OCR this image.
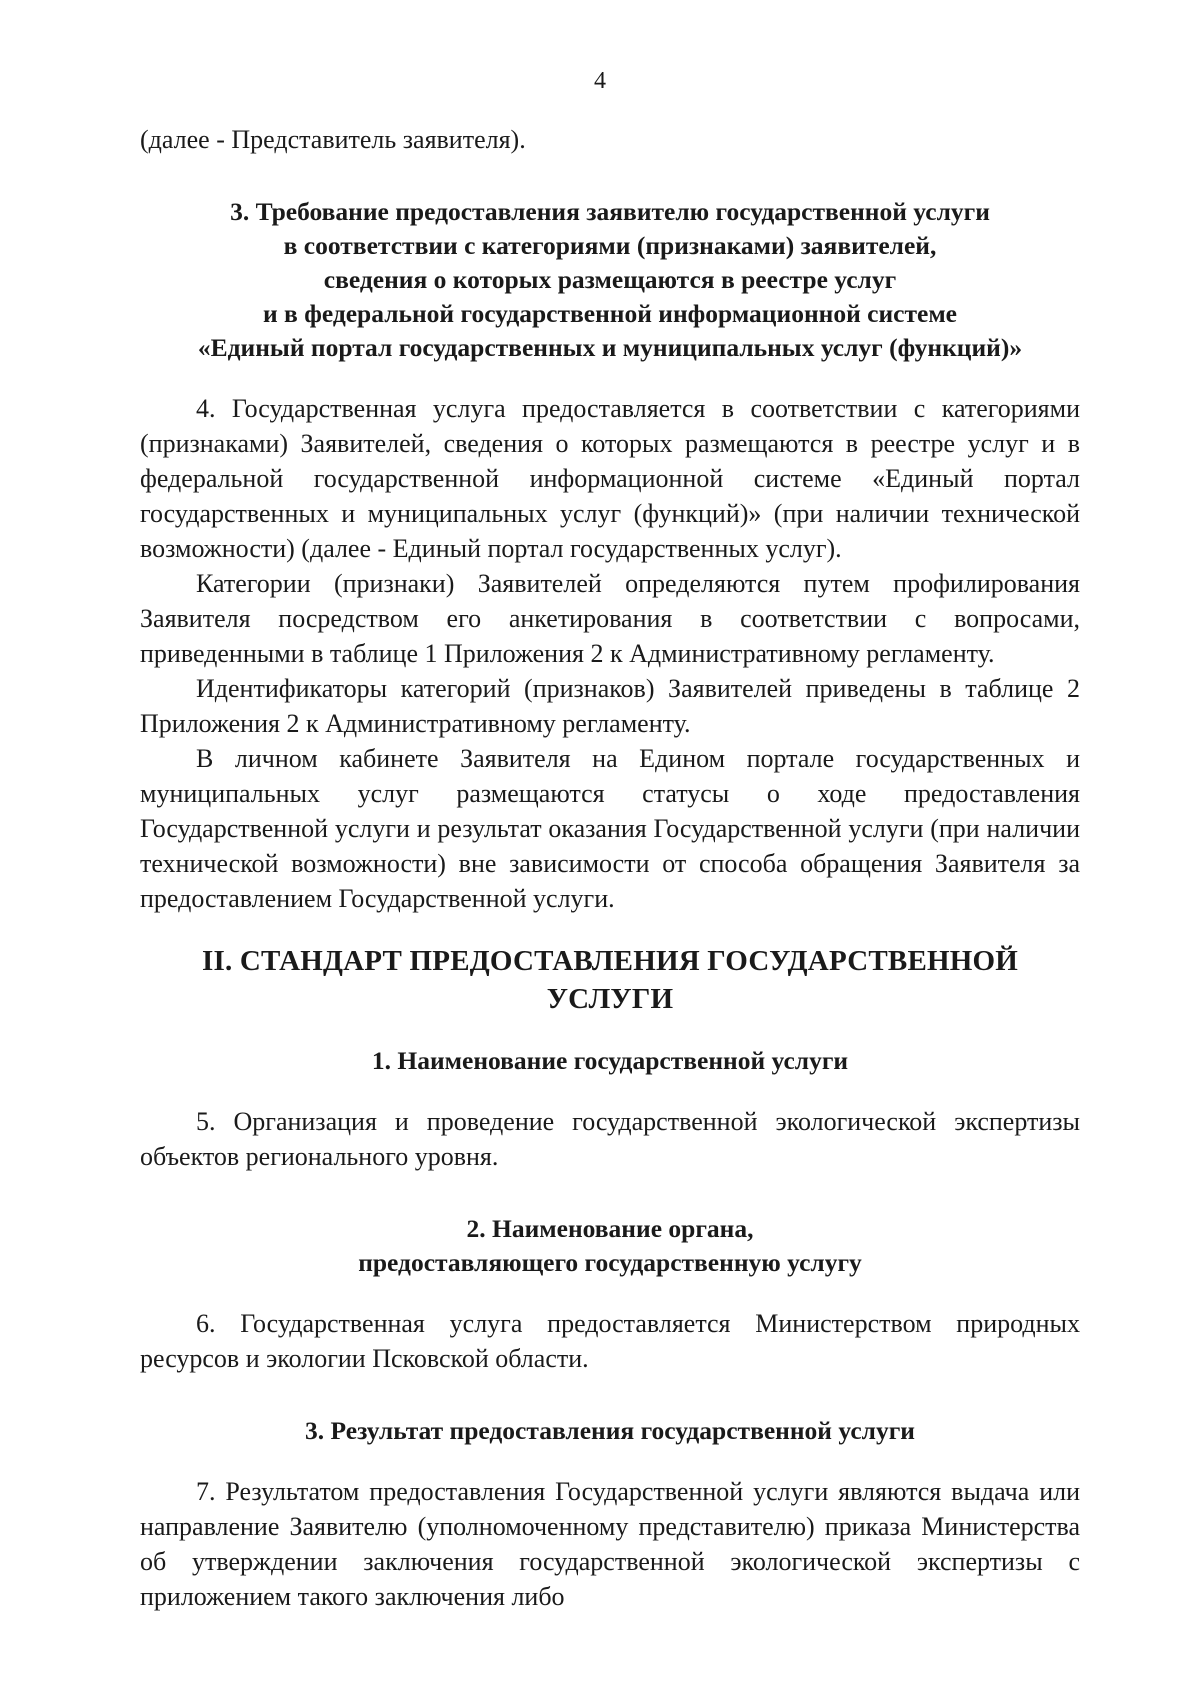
4

(далее - Представитель заявителя).

3. Требование предоставления заявителю государственной услуги

в соответствии с категориями (признаками) заявителей,

сведения о которых размещаются в реестре услуг

и в федеральной государственной информационной системе

«Единый портал государственных и муниципальных услуг (функций)»

4. Государственная услуга предоставляется в соответствии с категориями (признаками) Заявителей, сведения о которых размещаются в реестре услуг и в федеральной государственной информационной системе «Единый портал государственных и муниципальных услуг (функций)» (при наличии технической возможности) (далее - Единый портал государственных услуг).

Категории (признаки) Заявителей определяются путем профилирования Заявителя посредством его анкетирования в соответствии с вопросами, приведенными в таблице 1 Приложения 2 к Административному регламенту.

Идентификаторы категорий (признаков) Заявителей приведены в таблице 2 Приложения 2 к Административному регламенту.

В личном кабинете Заявителя на Едином портале государственных и муниципальных услуг размещаются статусы о ходе предоставления Государственной услуги и результат оказания Государственной услуги (при наличии технической возможности) вне зависимости от способа обращения Заявителя за предоставлением Государственной услуги.

II. СТАНДАРТ ПРЕДОСТАВЛЕНИЯ ГОСУДАРСТВЕННОЙ УСЛУГИ

1. Наименование государственной услуги

5. Организация и проведение государственной экологической экспертизы объектов регионального уровня.

2. Наименование органа,

предоставляющего государственную услугу

6. Государственная услуга предоставляется Министерством природных ресурсов и экологии Псковской области.

3. Результат предоставления государственной услуги

7. Результатом предоставления Государственной услуги являются выдача или направление Заявителю (уполномоченному представителю) приказа Министерства об утверждении заключения государственной экологической экспертизы с приложением такого заключения либо
